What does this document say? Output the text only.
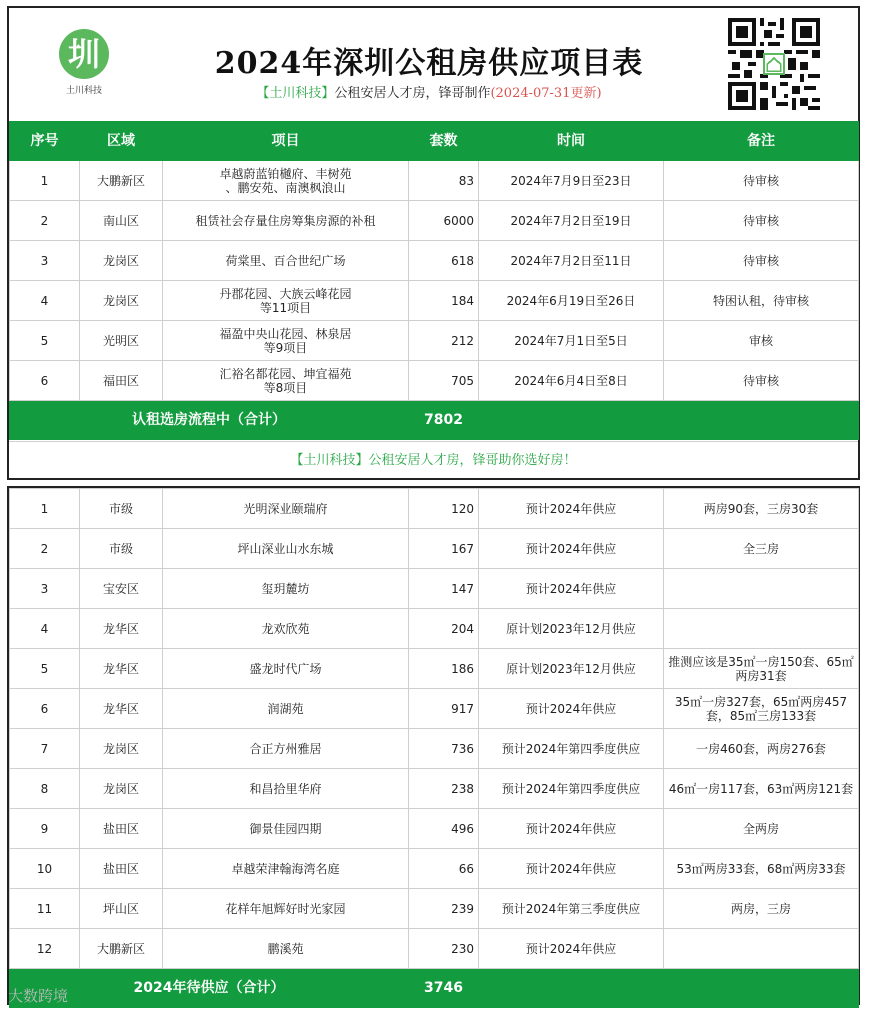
圳
土川科技
2024年深圳公租房供应项目表
【土川科技】公租安居人才房，锋哥制作(2024-07-31更新)
序号	区域	项目	套数	时间	备注
1	大鹏新区	卓越蔚蓝铂樾府、丰树苑
、鹏安苑、南澳枫浪山	83	2024年7月9日至23日	待审核
2	南山区	租赁社会存量住房筹集房源的补租	6000	2024年7月2日至19日	待审核
3	龙岗区	荷棠里、百合世纪广场	618	2024年7月2日至11日	待审核
4	龙岗区	丹郡花园、大族云峰花园
等11项目	184	2024年6月19日至26日	特困认租，待审核
5	光明区	福盈中央山花园、林泉居
等9项目	212	2024年7月1日至5日	审核
6	福田区	汇裕名都花园、坤宜福苑
等8项目	705	2024年6月4日至8日	待审核
认租选房流程中（合计）			7802		
【土川科技】公租安居人才房，锋哥助你选好房！
1	市级	光明深业颐瑞府	120	预计2024年供应	两房90套，三房30套

2	市级	坪山深业山水东城	167	预计2024年供应	全三房

3	宝安区	玺玥麓坊	147	预计2024年供应	

4	龙华区	龙欢欣苑	204	原计划2023年12月供应	

5	龙华区	盛龙时代广场	186	原计划2023年12月供应	推测应该是35㎡一房150套、65㎡
两房31套

6	龙华区	润湖苑	917	预计2024年供应	35㎡一房327套，65㎡两房457
套，85㎡三房133套

7	龙岗区	合正方州雅居	736	预计2024年第四季度供应	一房460套，两房276套

8	龙岗区	和昌拾里华府	238	预计2024年第四季度供应	46㎡一房117套，63㎡两房121套

9	盐田区	御景佳园四期	496	预计2024年供应	全两房

10	盐田区	卓越荣津翰海湾名庭	66	预计2024年供应	53㎡两房33套，68㎡两房33套

11	坪山区	花样年旭辉好时光家园	239	预计2024年第三季度供应	两房，三房

12	大鹏新区	鹏溪苑	230	预计2024年供应	

2024年待供应（合计）			3746		
大数跨境
